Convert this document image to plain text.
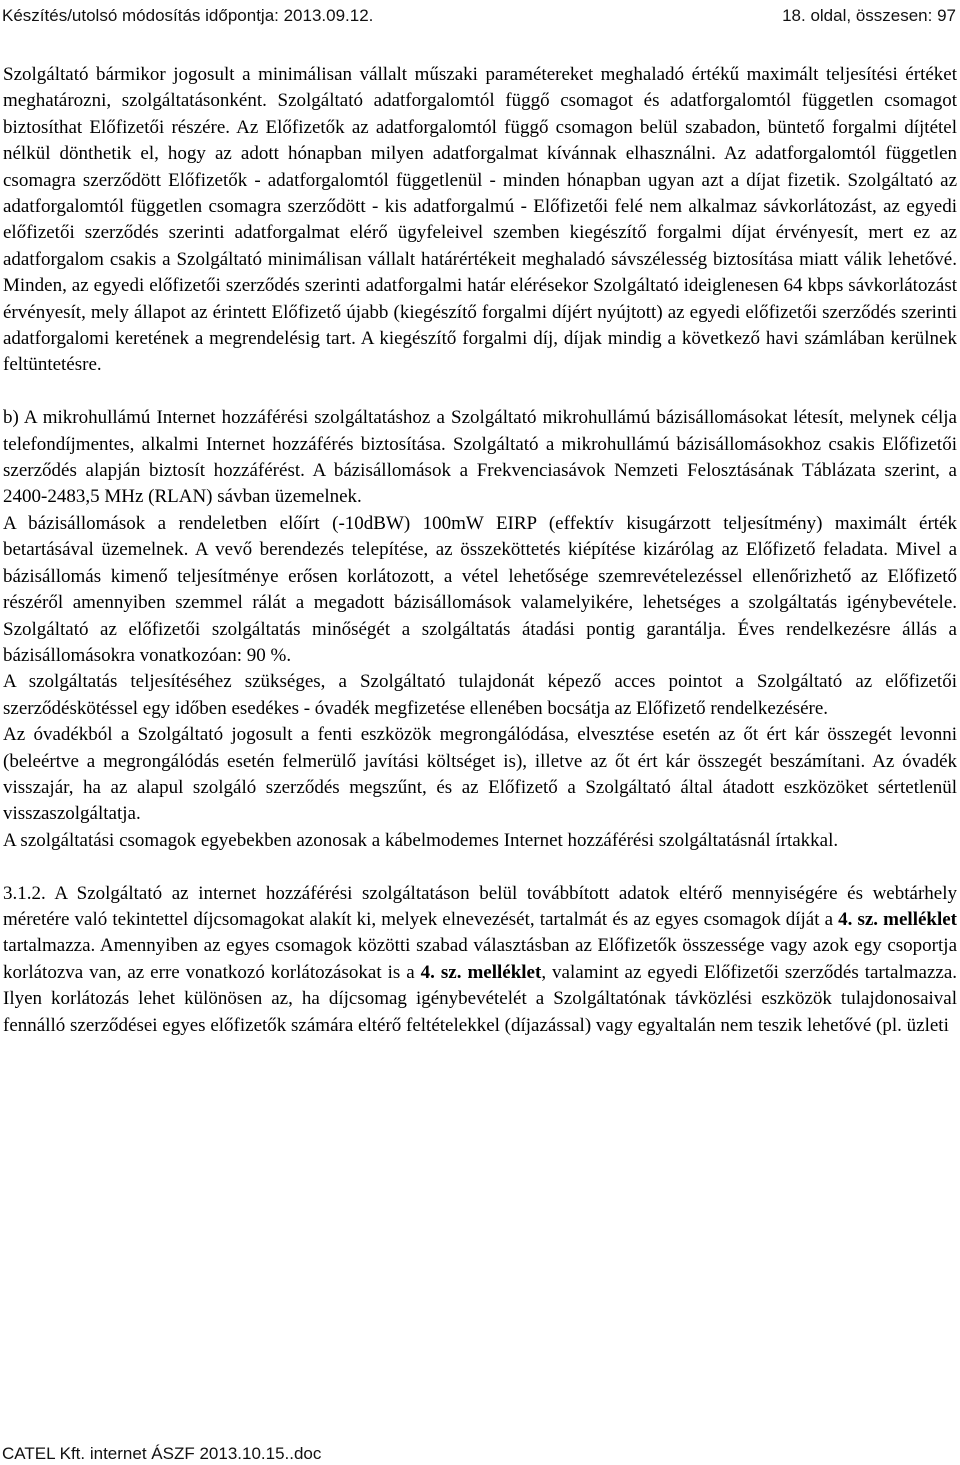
Készítés/utolsó módosítás időpontja: 2013.09.12.	18. oldal, összesen: 97

Szolgáltató bármikor jogosult a minimálisan vállalt műszaki paramétereket meghaladó értékű maximált teljesítési értéket meghatározni, szolgáltatásonként. Szolgáltató adatforgalomtól függő csomagot és adatforgalomtól független csomagot biztosíthat Előfizetői részére. Az Előfizetők az adatforgalomtól függő csomagon belül szabadon, büntető forgalmi díjtétel nélkül dönthetik el, hogy az adott hónapban milyen adatforgalmat kívánnak elhasználni. Az adatforgalomtól független csomagra szerződött Előfizetők - adatforgalomtól függetlenül - minden hónapban ugyan azt a díjat fizetik. Szolgáltató az adatforgalomtól független csomagra szerződött - kis adatforgalmú - Előfizetői felé nem alkalmaz sávkorlátozást, az egyedi előfizetői szerződés szerinti adatforgalmat elérő ügyfeleivel szemben kiegészítő forgalmi díjat érvényesít, mert ez az adatforgalom csakis a Szolgáltató minimálisan vállalt határértékeit meghaladó sávszélesség biztosítása miatt válik lehetővé. Minden, az egyedi előfizetői szerződés szerinti adatforgalmi határ elérésekor Szolgáltató ideiglenesen 64 kbps sávkorlátozást érvényesít, mely állapot az érintett Előfizető újabb (kiegészítő forgalmi díjért nyújtott) az egyedi előfizetői szerződés szerinti adatforgalomi keretének a megrendelésig tart. A kiegészítő forgalmi díj, díjak mindig a következő havi számlában kerülnek feltüntetésre.

b) A mikrohullámú Internet hozzáférési szolgáltatáshoz a Szolgáltató mikrohullámú bázisállomásokat létesít, melynek célja telefondíjmentes, alkalmi Internet hozzáférés biztosítása. Szolgáltató a mikrohullámú bázisállomásokhoz csakis Előfizetői szerződés alapján biztosít hozzáférést. A bázisállomások a Frekvenciasávok Nemzeti Felosztásának Táblázata szerint, a 2400-2483,5 MHz (RLAN) sávban üzemelnek.

A bázisállomások a rendeletben előírt (-10dBW) 100mW EIRP (effektív kisugárzott teljesítmény) maximált érték betartásával üzemelnek. A vevő berendezés telepítése, az összeköttetés kiépítése kizárólag az Előfizető feladata. Mivel a bázisállomás kimenő teljesítménye erősen korlátozott, a vétel lehetősége szemrevételezéssel ellenőrizhető az Előfizető részéről amennyiben szemmel rálát a megadott bázisállomások valamelyikére, lehetséges a szolgáltatás igénybevétele. Szolgáltató az előfizetői szolgáltatás minőségét a szolgáltatás átadási pontig garantálja. Éves rendelkezésre állás a bázisállomásokra vonatkozóan: 90 %.

A szolgáltatás teljesítéséhez szükséges, a Szolgáltató tulajdonát képező acces pointot a Szolgáltató az előfizetői szerződéskötéssel egy időben esedékes - óvadék megfizetése ellenében bocsátja az Előfizető rendelkezésére.

Az óvadékból a Szolgáltató jogosult a fenti eszközök megrongálódása, elvesztése esetén az őt ért kár összegét levonni (beleértve a megrongálódás esetén felmerülő javítási költséget is), illetve az őt ért kár összegét beszámítani. Az óvadék visszajár, ha az alapul szolgáló szerződés megszűnt, és az Előfizető a Szolgáltató által átadott eszközöket sértetlenül visszaszolgáltatja.

A szolgáltatási csomagok egyebekben azonosak a kábelmodemes Internet hozzáférési szolgáltatásnál írtakkal.

3.1.2. A Szolgáltató az internet hozzáférési szolgáltatáson belül továbbított adatok eltérő mennyiségére és webtárhely méretére való tekintettel díjcsomagokat alakít ki, melyek elnevezését, tartalmát és az egyes csomagok díját a 4. sz. melléklet tartalmazza. Amennyiben az egyes csomagok közötti szabad választásban az Előfizetők összessége vagy azok egy csoportja korlátozva van, az erre vonatkozó korlátozásokat is a 4. sz. melléklet, valamint az egyedi Előfizetői szerződés tartalmazza. Ilyen korlátozás lehet különösen az, ha díjcsomag igénybevételét a Szolgáltatónak távközlési eszközök tulajdonosaival fennálló szerződései egyes előfizetők számára eltérő feltételekkel (díjazással) vagy egyaltalán nem teszik lehetővé (pl. üzleti

CATEL Kft. internet ÁSZF 2013.10.15..doc
